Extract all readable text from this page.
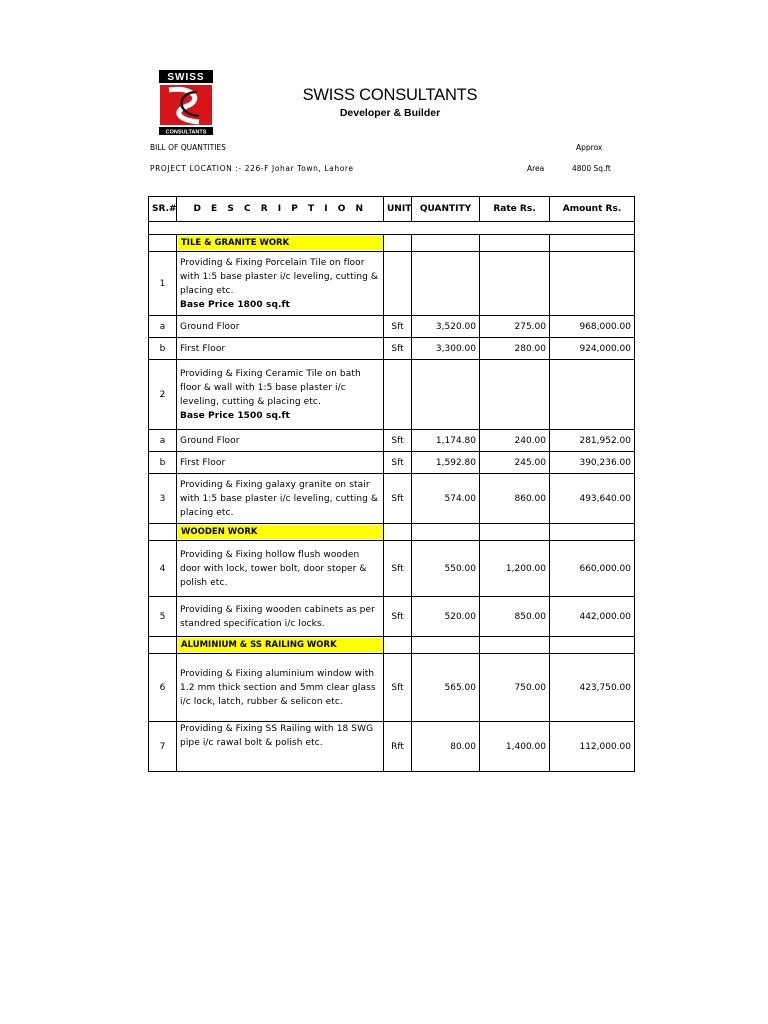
SWISS
CONSULTANTS
SWISS CONSULTANTS
Developer & Builder
BILL OF QUANTITIES	Approx
PROJECT LOCATION :- 226-F Johar Town, Lahore	Area	4800 Sq.ft
SR.#	D E S C R I P T I O N	UNIT	QUANTITY	Rate Rs.	Amount Rs.

	TILE & GRANITE WORK				

1	Providing & Fixing Porcelain Tile on floor with 1:5 base plaster i/c leveling, cutting & placing etc.
Base Price 1800 sq.ft				

a	Ground Floor	Sft	3,520.00	275.00	968,000.00
b	First Floor	Sft	3,300.00	280.00	924,000.00
2	Providing & Fixing Ceramic Tile on bath floor & wall with 1:5 base plaster i/c leveling, cutting & placing etc.
Base Price 1500 sq.ft				

a	Ground Floor	Sft	1,174.80	240.00	281,952.00
b	First Floor	Sft	1,592.80	245.00	390,236.00
3	Providing & Fixing galaxy granite on stair with 1:5 base plaster i/c leveling, cutting & placing etc.	Sft	574.00	860.00	493,640.00

	WOODEN WORK				

4	Providing & Fixing hollow flush wooden door with lock, tower bolt, door stoper & polish etc.	Sft	550.00	1,200.00	660,000.00
5	Providing & Fixing wooden cabinets as per standred specification i/c locks.	Sft	520.00	850.00	442,000.00

	ALUMINIUM & SS RAILING WORK				

6	Providing & Fixing aluminium window with 1.2 mm thick section and 5mm clear glass i/c lock, latch, rubber & selicon etc.	Sft	565.00	750.00	423,750.00
7	Providing & Fixing SS Railing with 18 SWG pipe i/c rawal bolt & polish etc.	Rft	80.00	1,400.00	112,000.00
